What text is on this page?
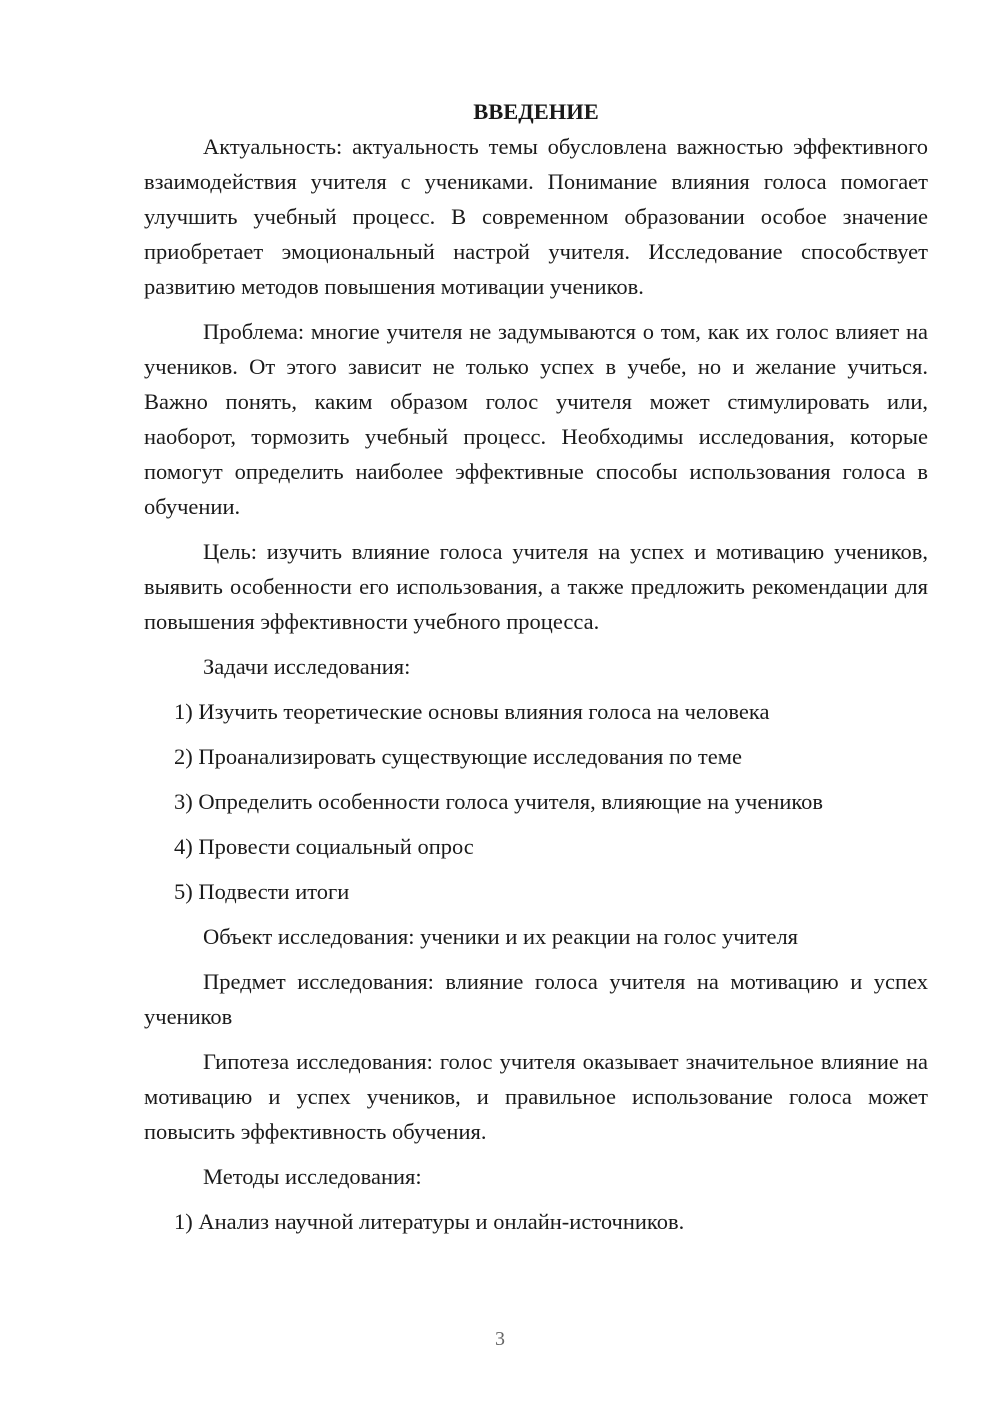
ВВЕДЕНИЕ

Актуальность: актуальность темы обусловлена важностью эффективного взаимодействия учителя с учениками. Понимание влияния голоса помогает улучшить учебный процесс. В современном образовании особое значение приобретает эмоциональный настрой учителя. Исследование способствует развитию методов повышения мотивации учеников.

Проблема: многие учителя не задумываются о том, как их голос влияет на учеников. От этого зависит не только успех в учебе, но и желание учиться. Важно понять, каким образом голос учителя может стимулировать или, наоборот, тормозить учебный процесс. Необходимы исследования, которые помогут определить наиболее эффективные способы использования голоса в обучении.

Цель: изучить влияние голоса учителя на успех и мотивацию учеников, выявить особенности его использования, а также предложить рекомендации для повышения эффективности учебного процесса.

Задачи исследования:

1) Изучить теоретические основы влияния голоса на человека

2) Проанализировать существующие исследования по теме

3) Определить особенности голоса учителя, влияющие на учеников

4) Провести социальный опрос

5) Подвести итоги

Объект исследования: ученики и их реакции на голос учителя

Предмет исследования: влияние голоса учителя на мотивацию и успех учеников

Гипотеза исследования: голос учителя оказывает значительное влияние на мотивацию и успех учеников, и правильное использование голоса может повысить эффективность обучения.

Методы исследования:

1) Анализ научной литературы и онлайн-источников.

3
